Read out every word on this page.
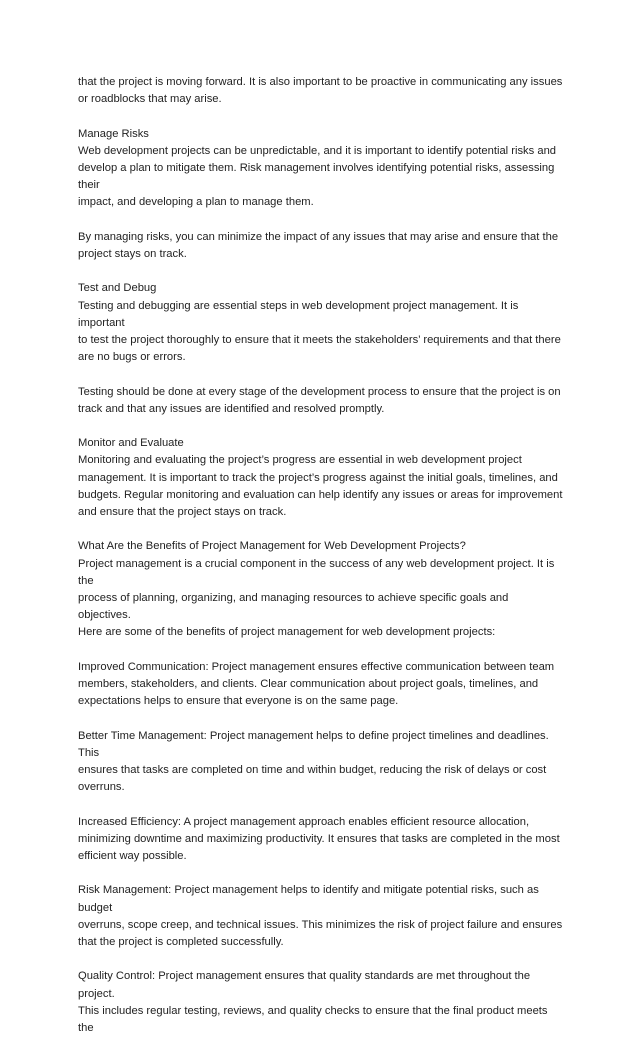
that the project is moving forward. It is also important to be proactive in communicating any issues
or roadblocks that may arise.

Manage Risks
Web development projects can be unpredictable, and it is important to identify potential risks and
develop a plan to mitigate them. Risk management involves identifying potential risks, assessing their
impact, and developing a plan to manage them.

By managing risks, you can minimize the impact of any issues that may arise and ensure that the
project stays on track.

Test and Debug
Testing and debugging are essential steps in web development project management. It is important
to test the project thoroughly to ensure that it meets the stakeholders’ requirements and that there
are no bugs or errors.

Testing should be done at every stage of the development process to ensure that the project is on
track and that any issues are identified and resolved promptly.

Monitor and Evaluate
Monitoring and evaluating the project’s progress are essential in web development project
management. It is important to track the project’s progress against the initial goals, timelines, and
budgets. Regular monitoring and evaluation can help identify any issues or areas for improvement
and ensure that the project stays on track.

What Are the Benefits of Project Management for Web Development Projects?
Project management is a crucial component in the success of any web development project. It is the
process of planning, organizing, and managing resources to achieve specific goals and objectives.
Here are some of the benefits of project management for web development projects:

Improved Communication: Project management ensures effective communication between team
members, stakeholders, and clients. Clear communication about project goals, timelines, and
expectations helps to ensure that everyone is on the same page.

Better Time Management: Project management helps to define project timelines and deadlines. This
ensures that tasks are completed on time and within budget, reducing the risk of delays or cost
overruns.

Increased Efficiency: A project management approach enables efficient resource allocation,
minimizing downtime and maximizing productivity. It ensures that tasks are completed in the most
efficient way possible.

Risk Management: Project management helps to identify and mitigate potential risks, such as budget
overruns, scope creep, and technical issues. This minimizes the risk of project failure and ensures
that the project is completed successfully.

Quality Control: Project management ensures that quality standards are met throughout the project.
This includes regular testing, reviews, and quality checks to ensure that the final product meets the
